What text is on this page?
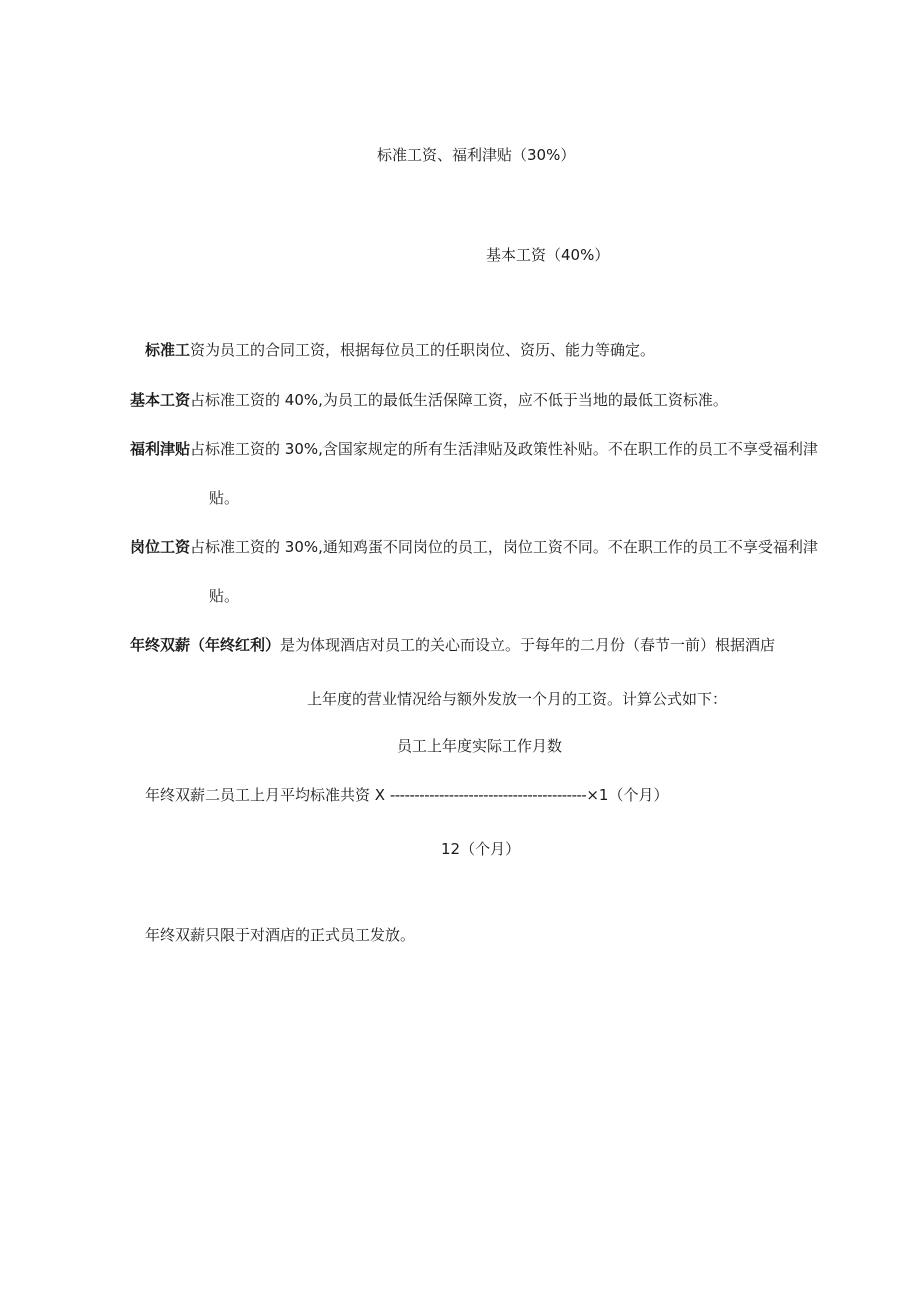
标准工资、福利津贴（30%）
基本工资（40%）
标准工资为员工的合同工资，根据每位员工的任职岗位、资历、能力等确定。
基本工资占标准工资的 40%,为员工的最低生活保障工资，应不低于当地的最低工资标准。
福利津贴占标准工资的 30%,含国家规定的所有生活津贴及政策性补贴。不在职工作的员工不享受福利津
贴。
岗位工资占标准工资的 30%,通知鸡蛋不同岗位的员工，岗位工资不同。不在职工作的员工不享受福利津
贴。
年终双薪（年终红利）是为体现酒店对员工的关心而设立。于每年的二月份（春节一前）根据酒店
上年度的营业情况给与额外发放一个月的工资。计算公式如下：
员工上年度实际工作月数
年终双薪二员工上月平均标准共资 X ----------------------------------------×1（个月）
12（个月）
年终双薪只限于对酒店的正式员工发放。
